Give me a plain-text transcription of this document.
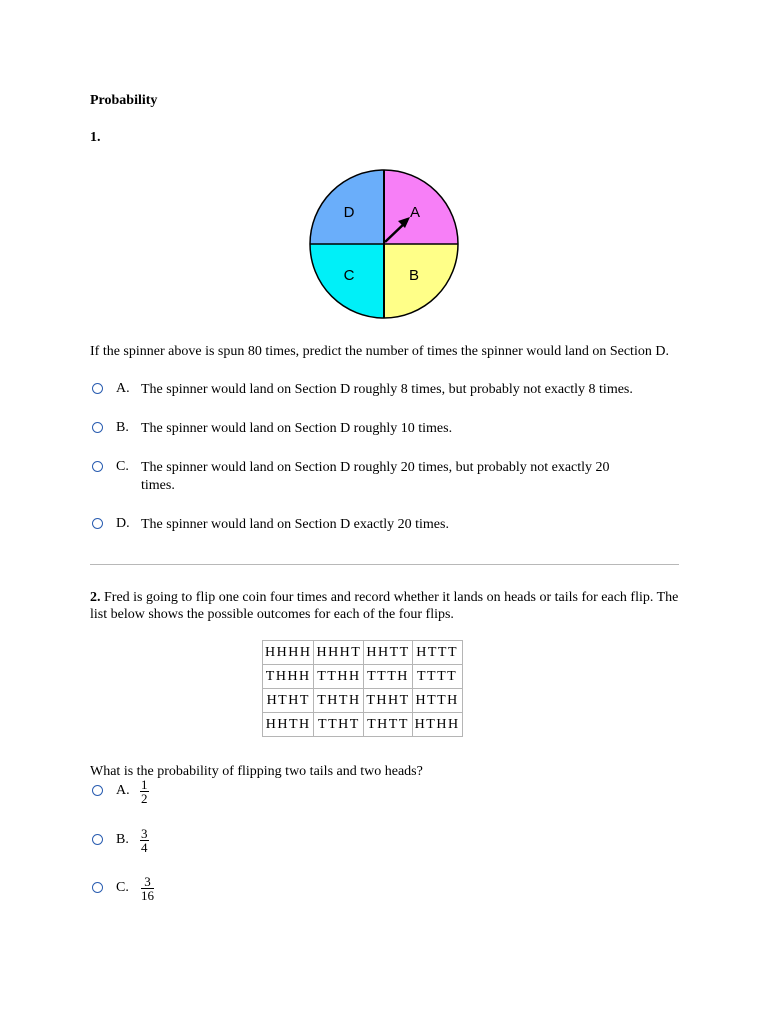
Probability
1.
D	A
C	B
If the spinner above is spun 80 times, predict the number of times the spinner would land on Section D.
A. The spinner would land on Section D roughly 8 times, but probably not exactly 8 times.
B. The spinner would land on Section D roughly 10 times.
C. The spinner would land on Section D roughly 20 times, but probably not exactly 20 times.
D. The spinner would land on Section D exactly 20 times.
2. Fred is going to flip one coin four times and record whether it lands on heads or tails for each flip. The list below shows the possible outcomes for each of the four flips.
HHHH	HHHT	HHTT	HTTT
THHH	TTHH	TTTH	TTTT
HTHT	THTH	THHT	HTTH
HHTH	TTHT	THTT	HTHH
What is the probability of flipping two tails and two heads?
A. $\frac{1}{2}$
B. $\frac{3}{4}$
C. $\frac{3}{16}$
